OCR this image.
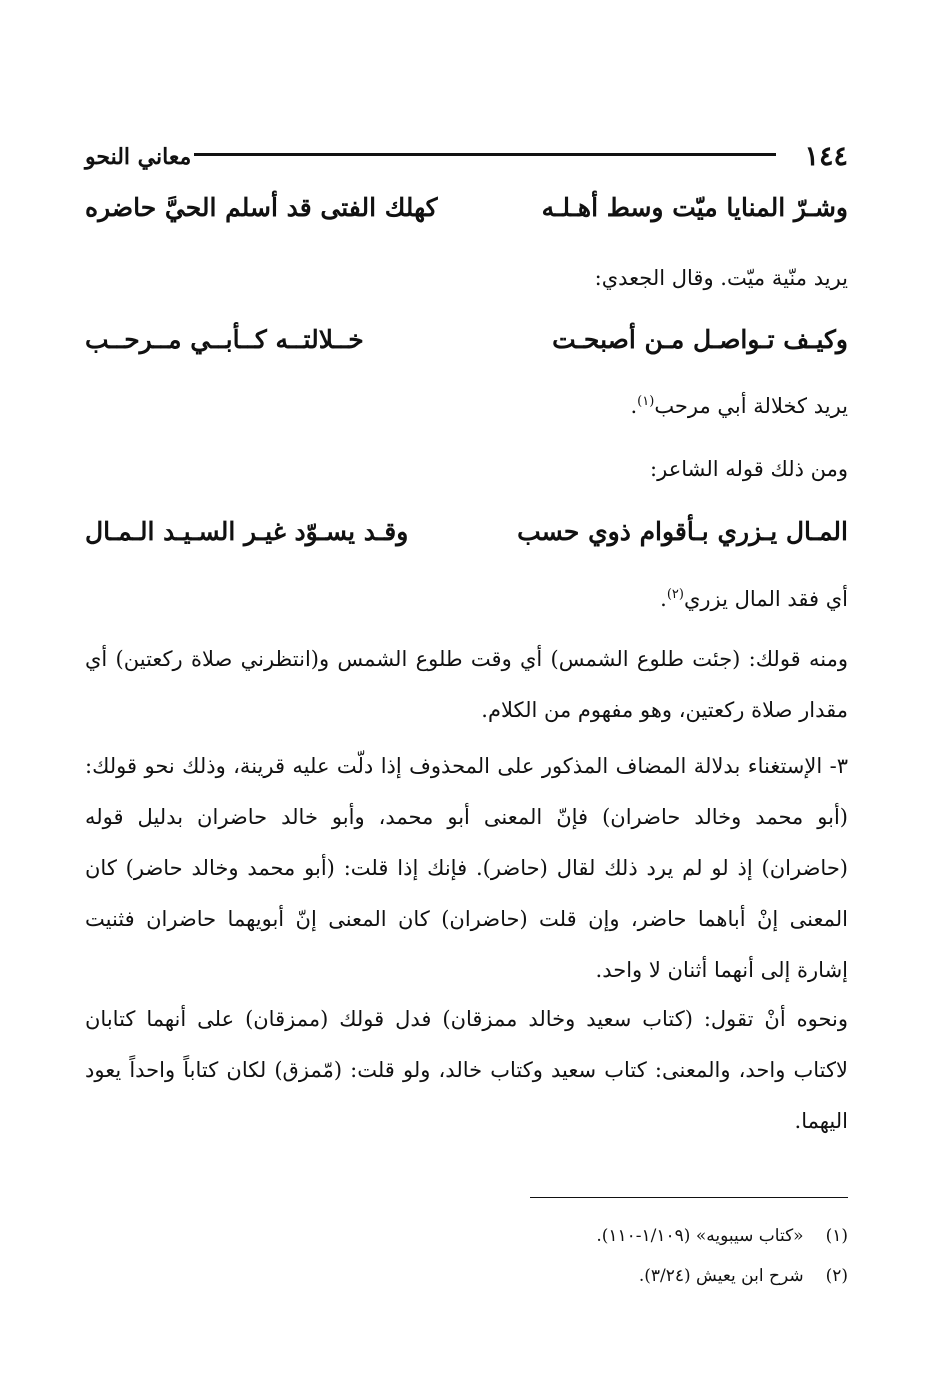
١٤٤
معاني النحو
وشـرّ المنايا ميّت وسط أهـلـه
كهلك الفتى قد أسلم الحيَّ حاضره
يريد منّية ميّت. وقال الجعدي:
وكيـف تـواصـل مـن أصبحـت
خــلالتــه كــأبــي مــرحــب
يريد كخلالة أبي مرحب$^{(١)}$.
ومن ذلك قوله الشاعر:
المـال يـزري بـأقوام ذوي حسب
وقـد يسـوّد غيـر السـيـد الـمـال
أي فقد المال يزري$^{(٢)}$.
ومنه قولك: (جئت طلوع الشمس) أي وقت طلوع الشمس و(انتظرني صلاة ركعتين) أي مقدار صلاة ركعتين، وهو مفهوم من الكلام.
٣- الإستغناء بدلالة المضاف المذكور على المحذوف إذا دلّت عليه قرينة، وذلك نحو قولك: (أبو محمد وخالد حاضران) فإنّ المعنى أبو محمد، وأبو خالد حاضران بدليل قوله (حاضران) إذ لو لم يرد ذلك لقال (حاضر). فإنك إذا قلت: (أبو محمد وخالد حاضر) كان المعنى إنْ أباهما حاضر، وإن قلت (حاضران) كان المعنى إنّ أبويهما حاضران فثنيت إشارة إلى أنهما أثنان لا واحد.
ونحوه أنْ تقول: (كتاب سعيد وخالد ممزقان) فدل قولك (ممزقان) على أنهما كتابان لاكتاب واحد، والمعنى: كتاب سعيد وكتاب خالد، ولو قلت: (مّمزق) لكان كتاباً واحداً يعود اليهما.
(١)
«كتاب سيبويه» (١/١٠٩-١١٠).
(٢)
شرح ابن يعيش (٣/٢٤).
